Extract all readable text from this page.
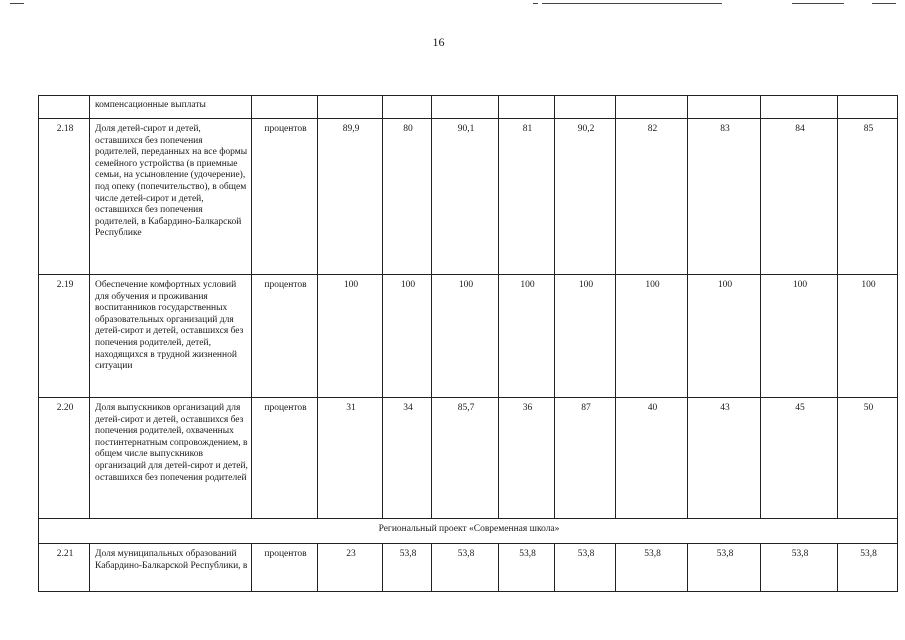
16
	компенсационные выплаты										
2.18	Доля детей-сирот и детей, оставшихся без попечения родителей, переданных на все формы семейного устройства (в приемные семьи, на усыновление (удочерение), под опеку (попечительство), в общем числе детей-сирот и детей, оставшихся без попечения родителей, в Кабардино-Балкарской Республике	процентов	89,9	80	90,1	81	90,2	82	83	84	85
2.19	Обеспечение комфортных условий для обучения и проживания воспитанников государственных образовательных организаций для детей-сирот и детей, оставшихся без попечения родителей, детей, находящихся в трудной жизненной ситуации	процентов	100	100	100	100	100	100	100	100	100
2.20	Доля выпускников организаций для детей-сирот и детей, оставшихся без попечения родителей, охваченных постинтернатным сопровождением, в общем числе выпускников организаций для детей-сирот и детей, оставшихся без попечения родителей	процентов	31	34	85,7	36	87	40	43	45	50
Региональный проект «Современная школа»											
2.21	Доля муниципальных образований Кабардино-Балкарской Республики, в	процентов	23	53,8	53,8	53,8	53,8	53,8	53,8	53,8	53,8
